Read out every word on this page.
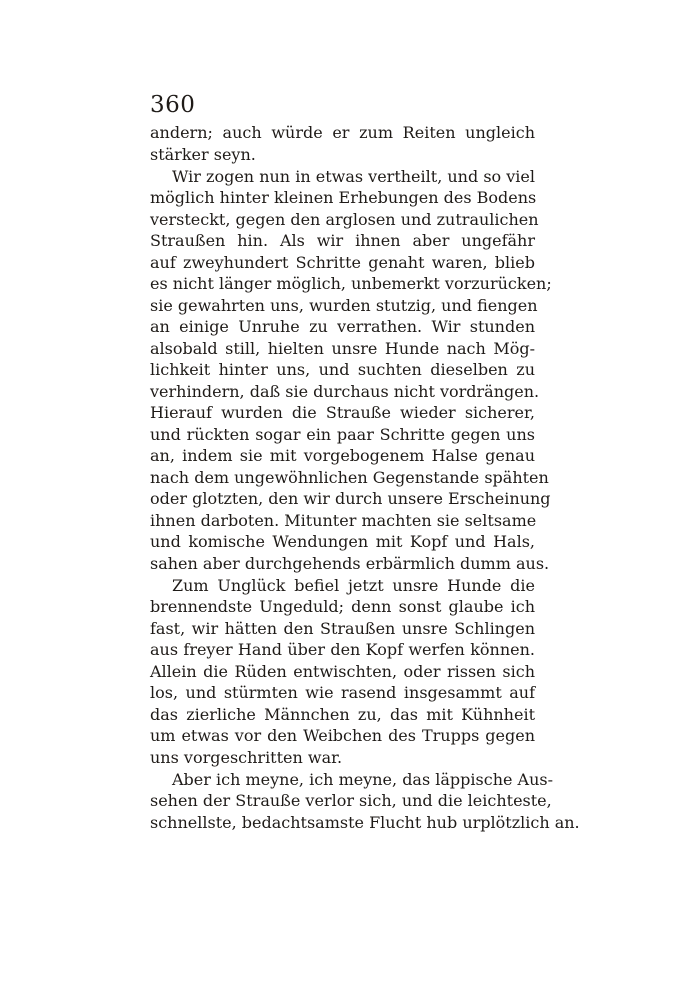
360

andern; auch würde er zum Reiten ungleich
stärker seyn.
Wir zogen nun in etwas vertheilt, und so viel
möglich hinter kleinen Erhebungen des Bodens
versteckt, gegen den arglosen und zutraulichen
Straußen hin. Als wir ihnen aber ungefähr
auf zweyhundert Schritte genaht waren, blieb
es nicht länger möglich, unbemerkt vorzurücken;
sie gewahrten uns, wurden stutzig, und fiengen
an einige Unruhe zu verrathen. Wir stunden
alsobald still, hielten unsre Hunde nach Mög-
lichkeit hinter uns, und suchten dieselben zu
verhindern, daß sie durchaus nicht vordrängen.
Hierauf wurden die Strauße wieder sicherer,
und rückten sogar ein paar Schritte gegen uns
an, indem sie mit vorgebogenem Halse genau
nach dem ungewöhnlichen Gegenstande spähten
oder glotzten, den wir durch unsere Erscheinung
ihnen darboten. Mitunter machten sie seltsame
und komische Wendungen mit Kopf und Hals,
sahen aber durchgehends erbärmlich dumm aus.
Zum Unglück befiel jetzt unsre Hunde die
brennendste Ungeduld; denn sonst glaube ich
fast, wir hätten den Straußen unsre Schlingen
aus freyer Hand über den Kopf werfen können.
Allein die Rüden entwischten, oder rissen sich
los, und stürmten wie rasend insgesammt auf
das zierliche Männchen zu, das mit Kühnheit
um etwas vor den Weibchen des Trupps gegen
uns vorgeschritten war.
Aber ich meyne, ich meyne, das läppische Aus-
sehen der Strauße verlor sich, und die leichteste,
schnellste, bedachtsamste Flucht hub urplötzlich an.
